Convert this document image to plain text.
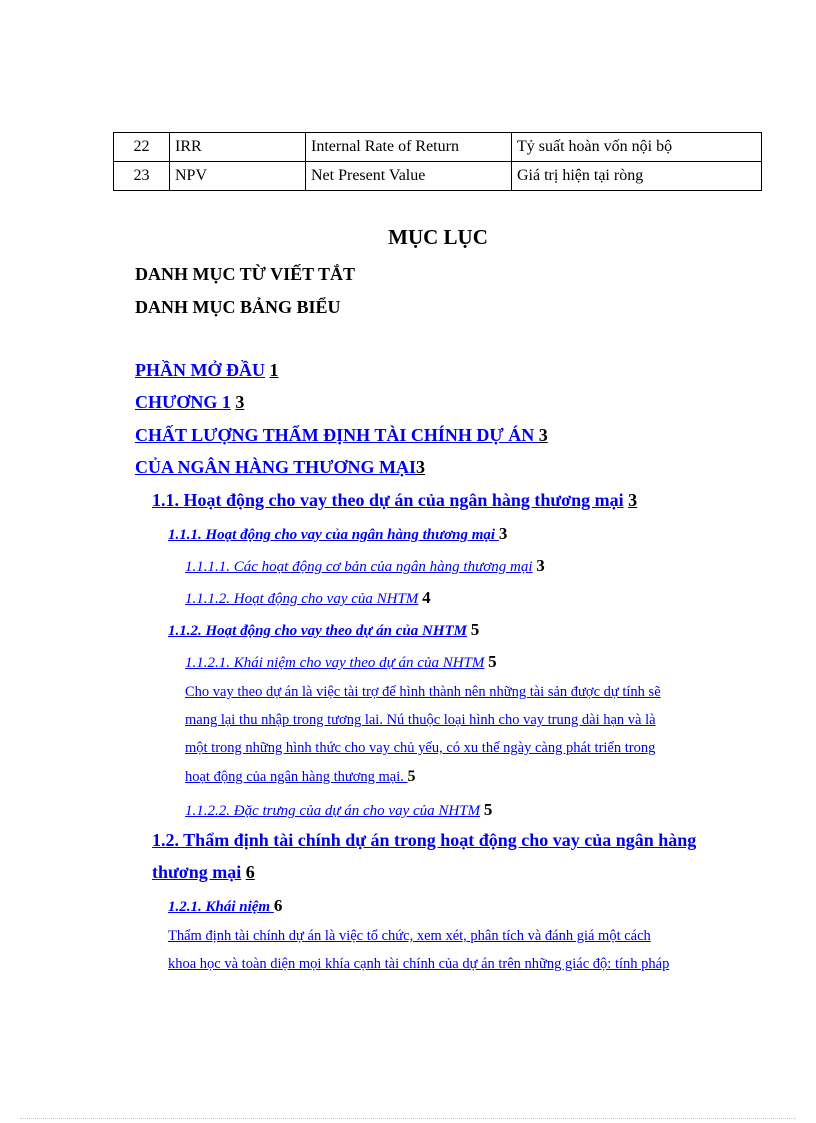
22	IRR	Internal Rate of Return	Tỷ suất hoàn vốn nội bộ
23	NPV	Net Present Value	Giá trị hiện tại ròng
MỤC LỤC
DANH MỤC TỪ VIẾT TẮT
DANH MỤC BẢNG BIỂU
PHẦN MỞ ĐẦU 1
CHƯƠNG 1 3
CHẤT LƯỢNG THẨM ĐỊNH TÀI CHÍNH DỰ ÁN 3
CỦA NGÂN HÀNG THƯƠNG MẠI3
1.1. Hoạt động cho vay theo dự án của ngân hàng thương mại 3
1.1.1. Hoạt động cho vay của ngân hàng thương mại 3
1.1.1.1. Các hoạt động cơ bản của ngân hàng thương mại 3
1.1.1.2. Hoạt động cho vay của NHTM 4
1.1.2. Hoạt động cho vay theo dự án của NHTM 5
1.1.2.1. Khái niệm cho vay theo dự án của NHTM 5
Cho vay theo dự án là việc tài trợ để hình thành nên những tài sản được dự tính sẽ
mang lại thu nhập trong tương lai. Nú thuộc loại hình cho vay trung dài hạn và là
một trong những hình thức cho vay chủ yếu, có xu thế ngày càng phát triển trong
hoạt động của ngân hàng thương mại. 5
1.1.2.2. Đặc trưng của dự án cho vay của NHTM 5
1.2. Thẩm định tài chính dự án trong hoạt động cho vay của ngân hàng
thương mại 6
1.2.1. Khái niệm 6
Thẩm định tài chính dự án là việc tổ chức, xem xét, phân tích và đánh giá một cách
khoa học và toàn diện mọi khía cạnh tài chính của dự án trên những giác độ: tính pháp
